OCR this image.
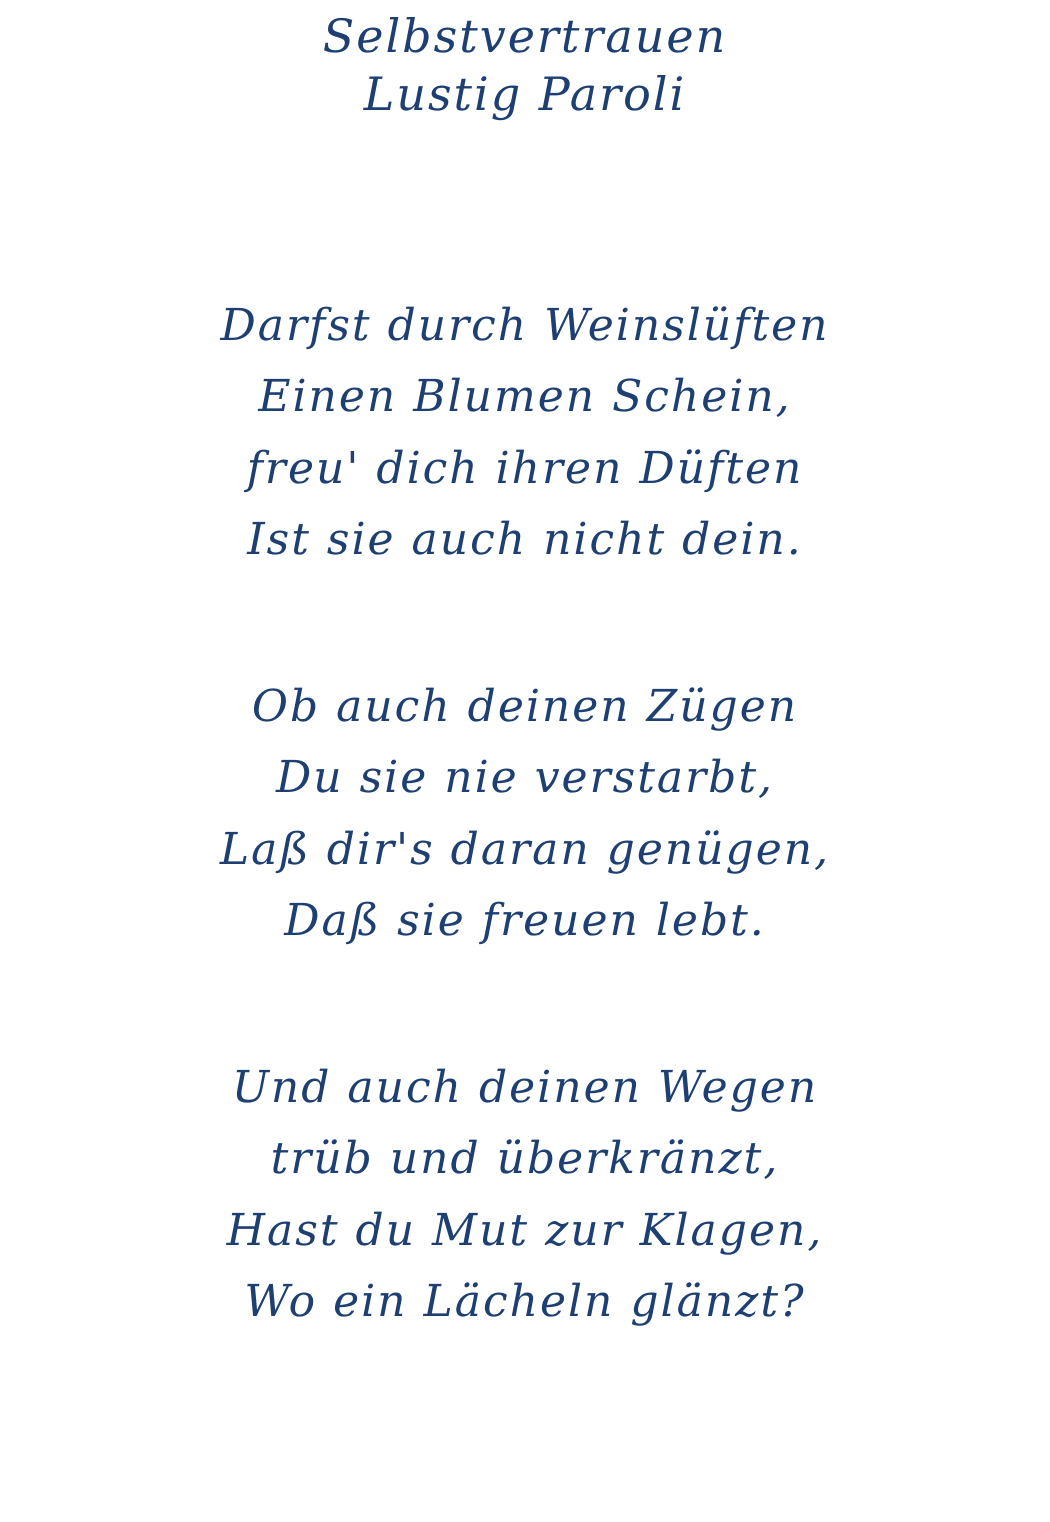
Selbstvertrauen
Lustig Paroli
Darfst durch Weinslüften
Einen Blumen Schein,
freu' dich ihren Düften
Ist sie auch nicht dein.
Ob auch deinen Zügen
Du sie nie verstarbt,
Laß dir's daran genügen,
Daß sie freuen lebt.
Und auch deinen Wegen
trüb und überkränzt,
Hast du Mut zur Klagen,
Wo ein Lächeln glänzt?
